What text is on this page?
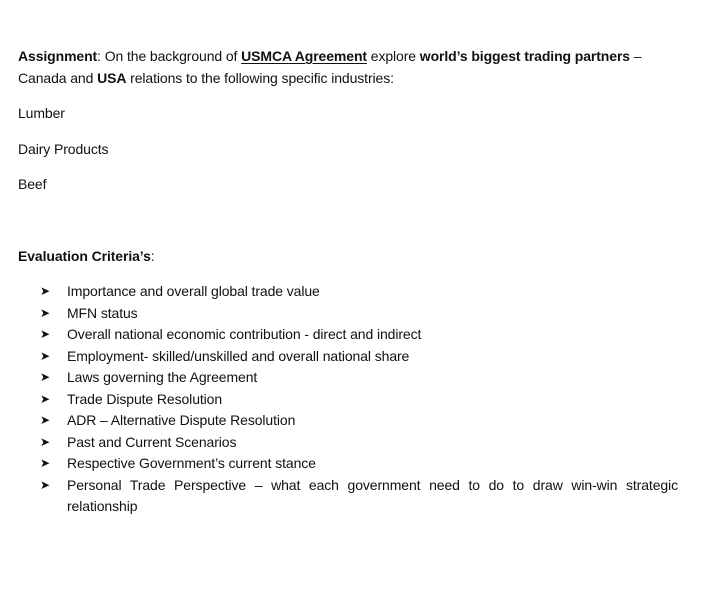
Assignment: On the background of USMCA Agreement explore world’s biggest trading partners – Canada and USA relations to the following specific industries:

Lumber

Dairy Products

Beef

Evaluation Criteria’s:
➤ Importance and overall global trade value
➤ MFN status
➤ Overall national economic contribution - direct and indirect
➤ Employment- skilled/unskilled and overall national share
➤ Laws governing the Agreement
➤ Trade Dispute Resolution
➤ ADR – Alternative Dispute Resolution
➤ Past and Current Scenarios
➤ Respective Government’s current stance
➤ Personal Trade Perspective – what each government need to do to draw win-win strategic relationship
